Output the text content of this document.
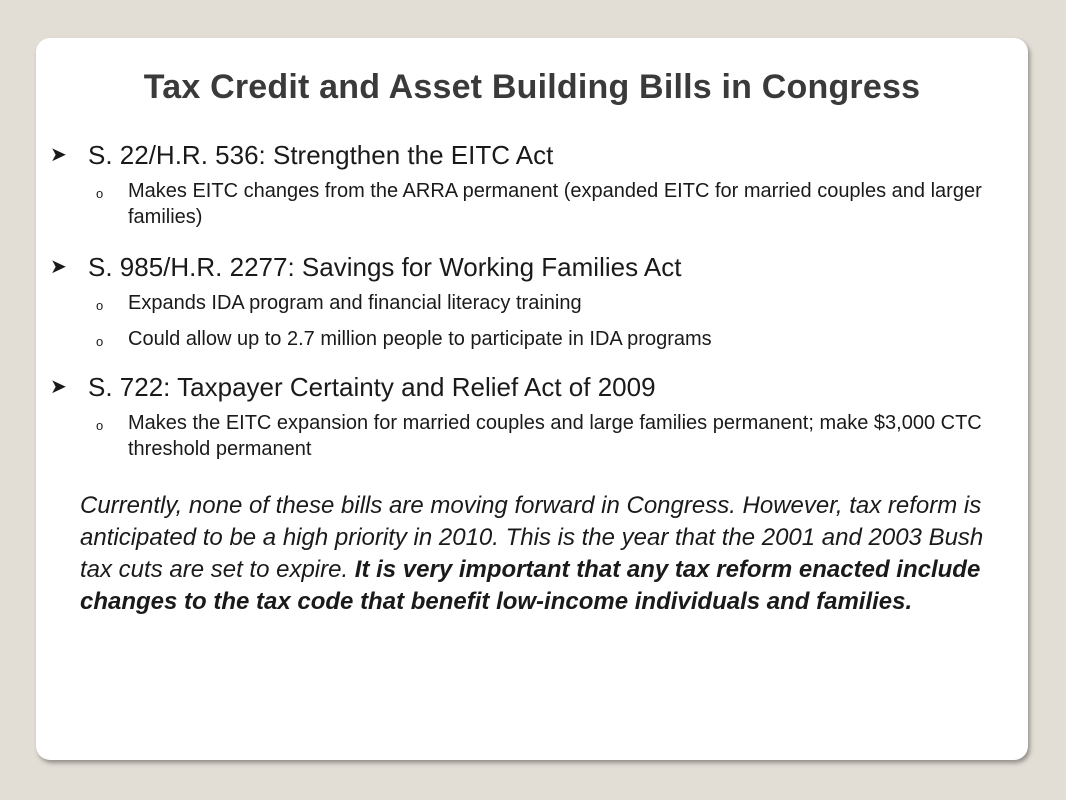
Tax Credit and Asset Building Bills in Congress
➤ S. 22/H.R. 536: Strengthen the EITC Act
o Makes EITC changes from the ARRA permanent (expanded EITC for married couples and larger families)
➤ S. 985/H.R. 2277: Savings for Working Families Act
o Expands IDA program and financial literacy training
o Could allow up to 2.7 million people to participate in IDA programs
➤ S. 722: Taxpayer Certainty and Relief Act of 2009
o Makes the EITC expansion for married couples and large families permanent; make $3,000 CTC threshold permanent

Currently, none of these bills are moving forward in Congress. However, tax reform is anticipated to be a high priority in 2010. This is the year that the 2001 and 2003 Bush tax cuts are set to expire. It is very important that any tax reform enacted include changes to the tax code that benefit low-income individuals and families.
